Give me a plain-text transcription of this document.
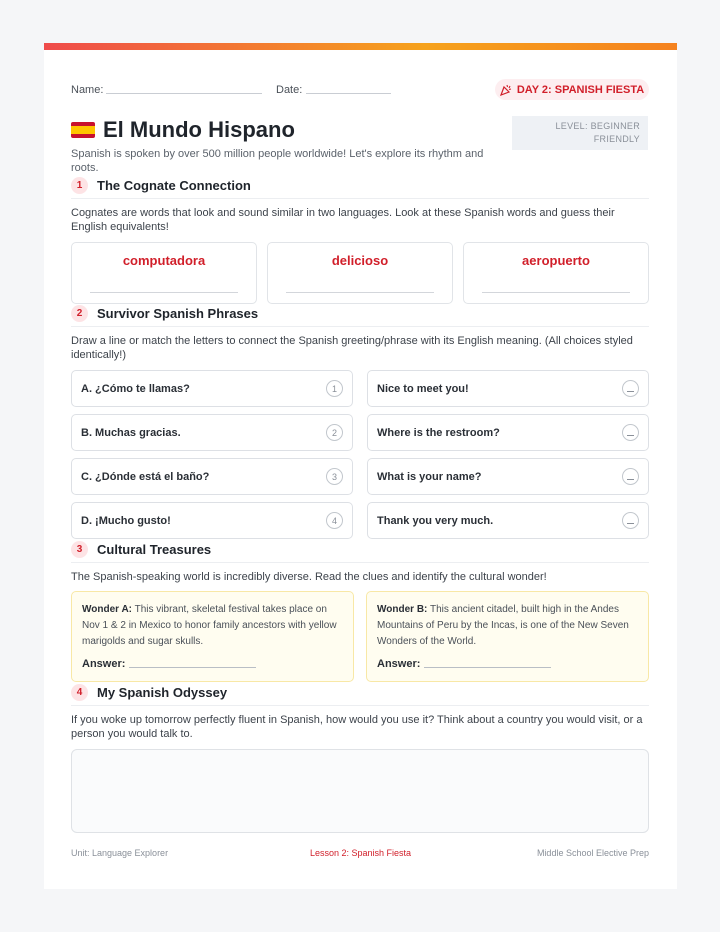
Name:	Date:	DAY 2: SPANISH FIESTA
LEVEL: BEGINNER
FRIENDLY
El Mundo Hispano
Spanish is spoken by over 500 million people worldwide! Let's explore its rhythm and roots.
1	The Cognate Connection
Cognates are words that look and sound similar in two languages. Look at these Spanish words and guess their English equivalents!
computadora	delicioso	aeropuerto
2	Survivor Spanish Phrases
Draw a line or match the letters to connect the Spanish greeting/phrase with its English meaning. (All choices styled identically!)
A. ¿Cómo te llamas?	1
B. Muchas gracias.	2
C. ¿Dónde está el baño?	3
D. ¡Mucho gusto!	4
Nice to meet you!
Where is the restroom?
What is your name?
Thank you very much.
3	Cultural Treasures
The Spanish-speaking world is incredibly diverse. Read the clues and identify the cultural wonder!
Wonder A: This vibrant, skeletal festival takes place on Nov 1 & 2 in Mexico to honor family ancestors with yellow marigolds and sugar skulls.
Answer:
Wonder B: This ancient citadel, built high in the Andes Mountains of Peru by the Incas, is one of the New Seven Wonders of the World.
Answer:
4	My Spanish Odyssey
If you woke up tomorrow perfectly fluent in Spanish, how would you use it? Think about a country you would visit, or a person you would talk to.
Unit: Language Explorer	Lesson 2: Spanish Fiesta	Middle School Elective Prep
